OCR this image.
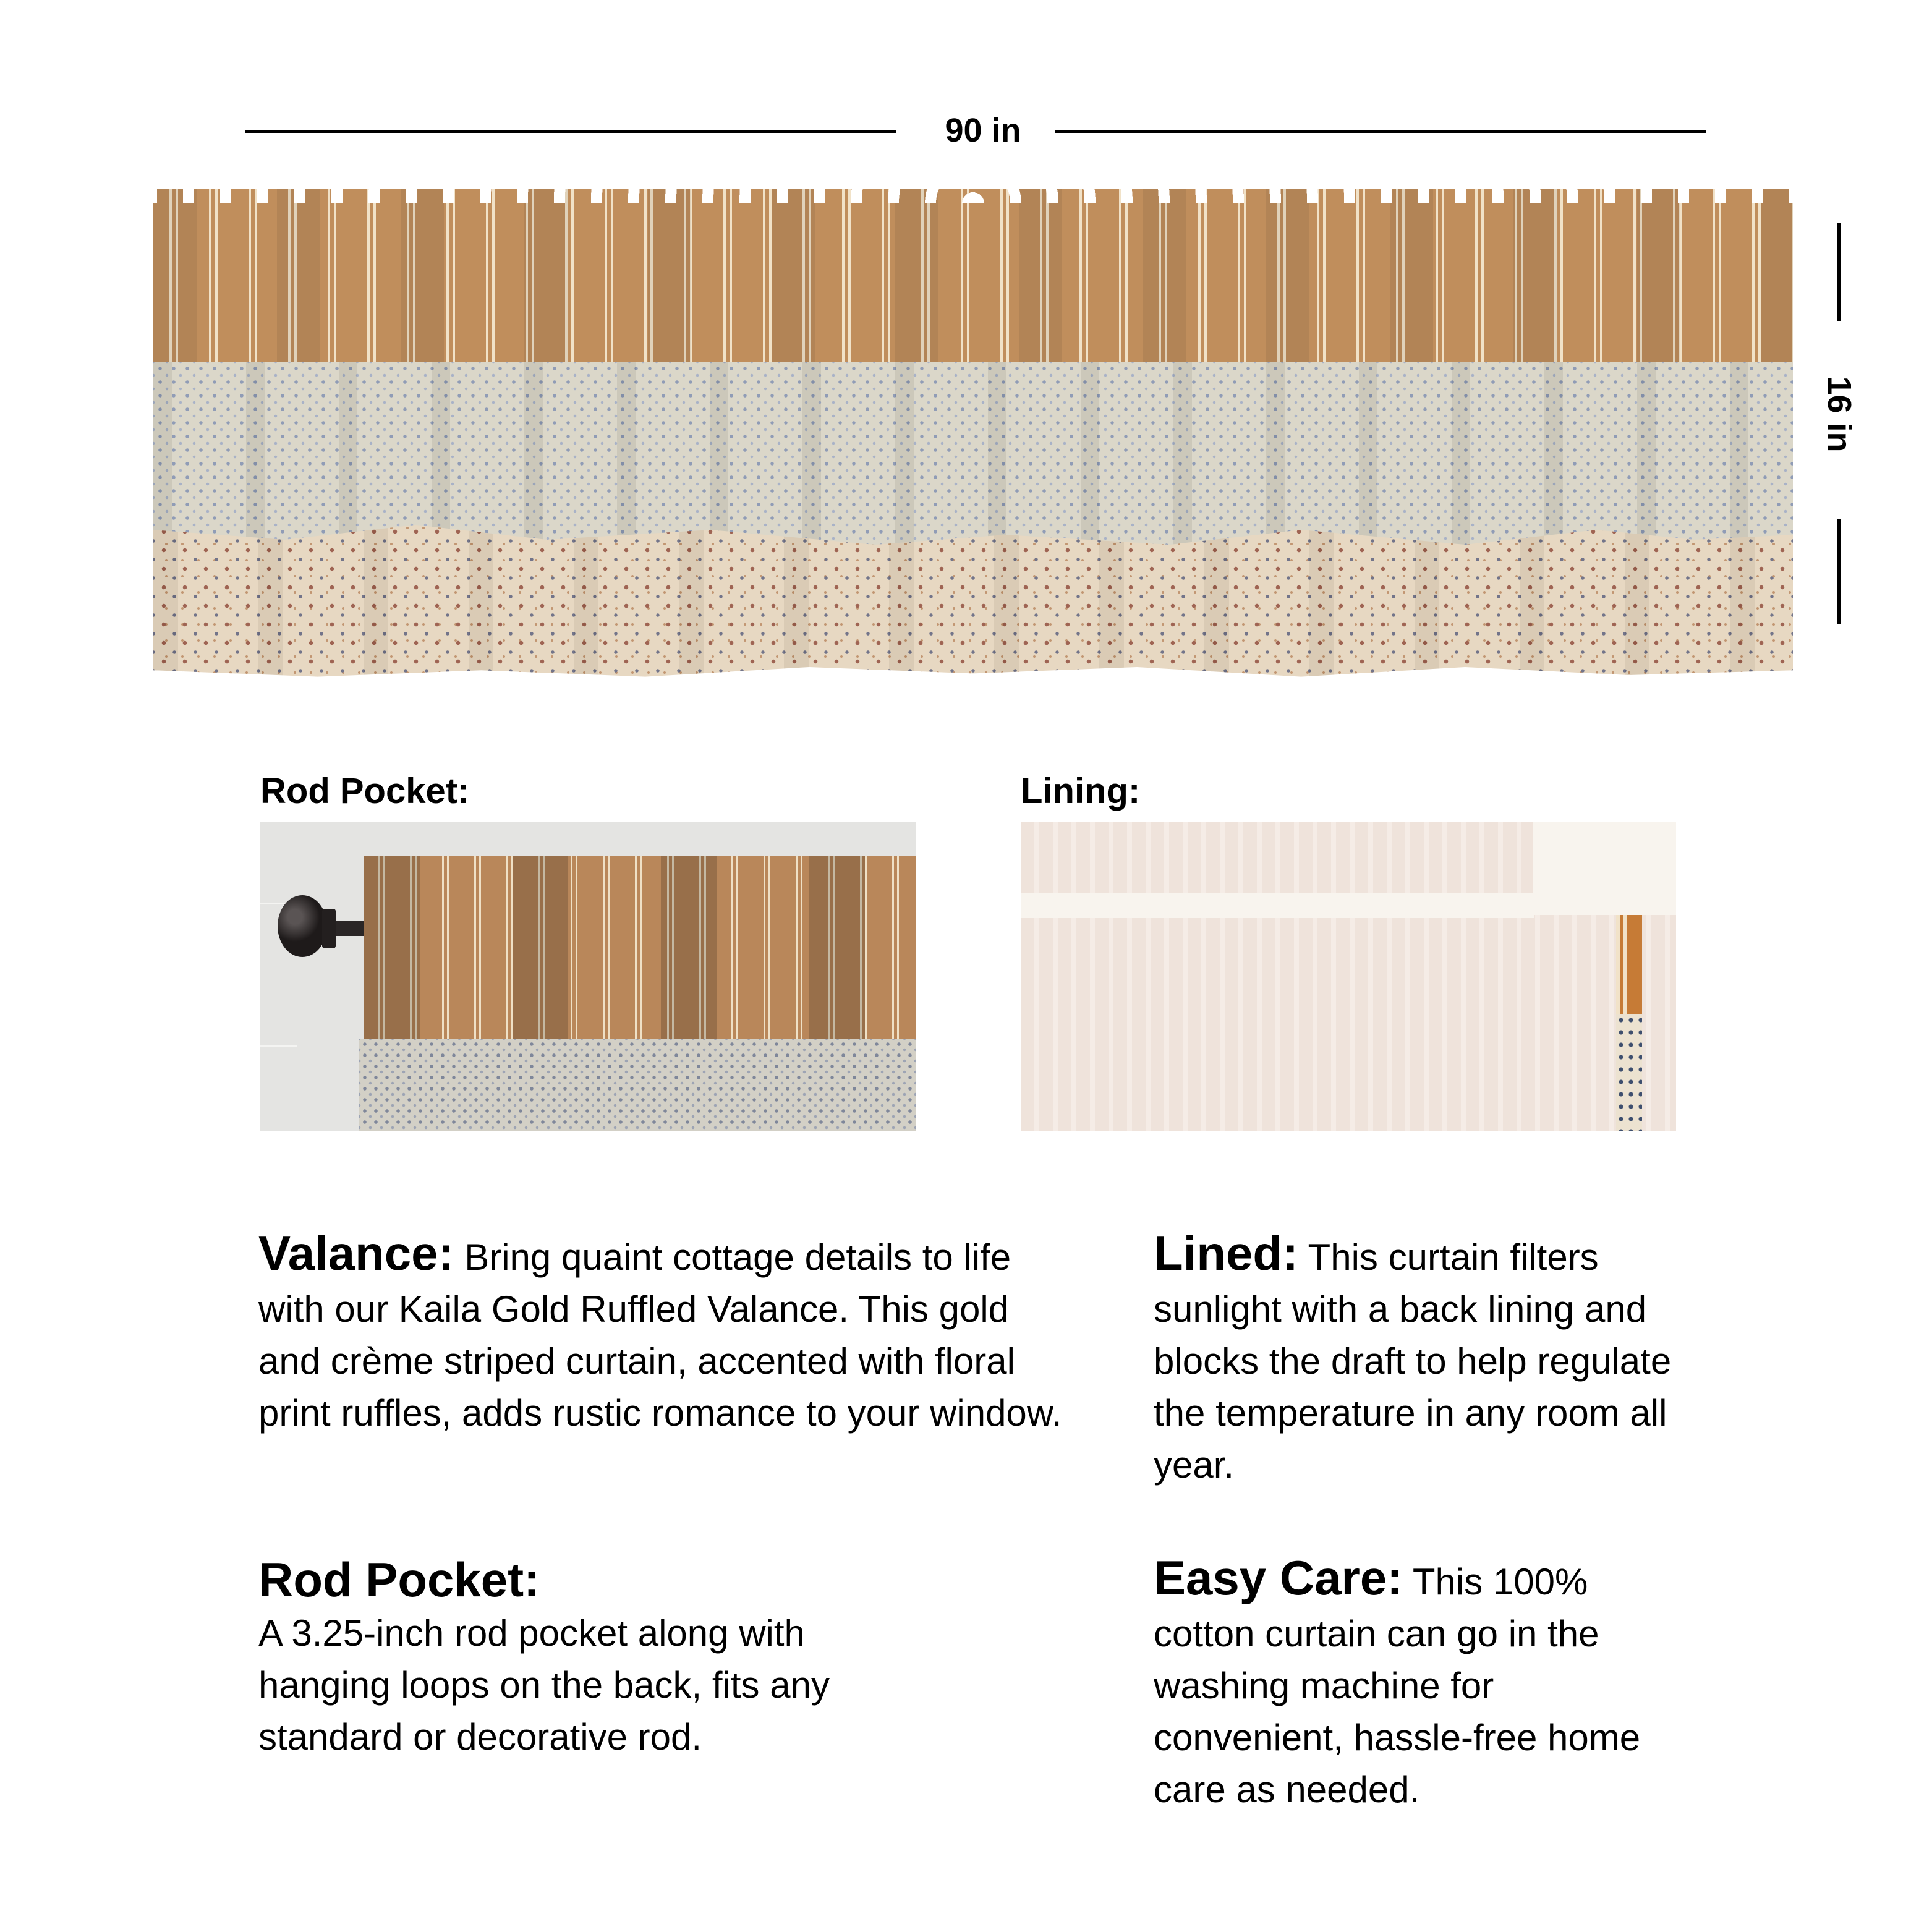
90 in
16 in
Rod Pocket:	Lining:
Valance: Bring quaint cottage details to life with our Kaila Gold Ruffled Valance. This gold and crème striped curtain, accented with floral print ruffles, adds rustic romance to your window.
Lined: This curtain filters sunlight with a back lining and blocks the draft to help regulate the temperature in any room all year.
Rod Pocket:
A 3.25-inch rod pocket along with hanging loops on the back, fits any standard or decorative rod.
Easy Care: This 100% cotton curtain can go in the washing machine for convenient, hassle-free home care as needed.
